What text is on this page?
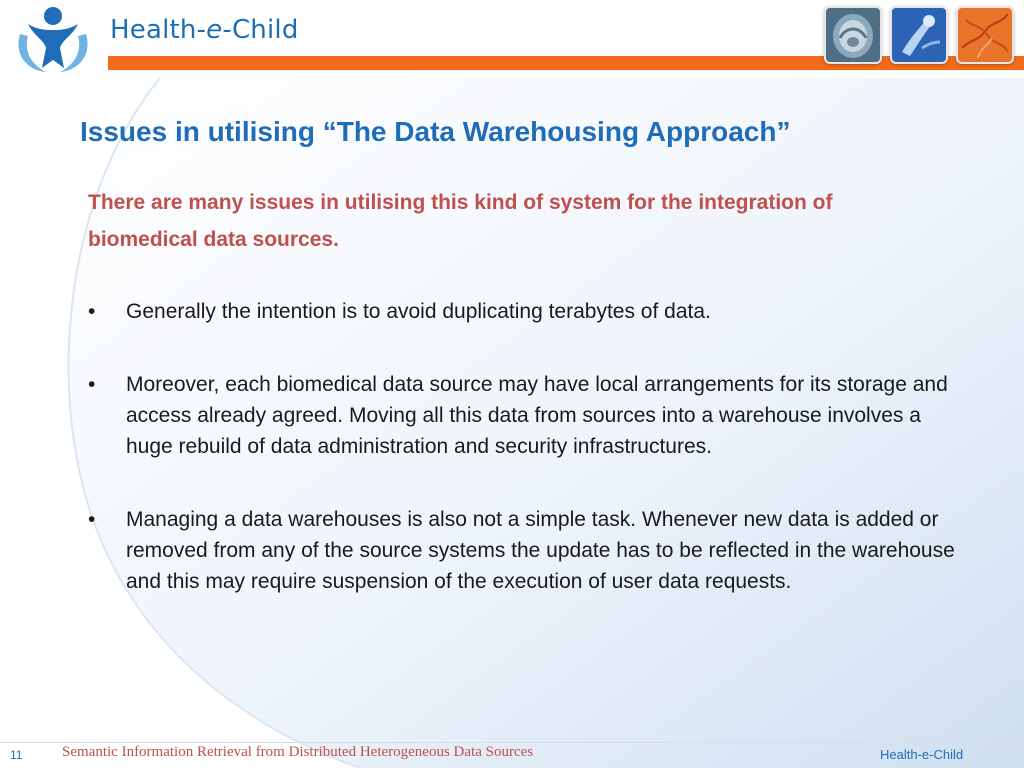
Health-e-Child
Issues in utilising “The Data Warehousing Approach”

There are many issues in utilising this kind of system for the integration of biomedical data sources.

• Generally the intention is to avoid duplicating terabytes of data.
• Moreover, each biomedical data source may have local arrangements for its storage and access already agreed. Moving all this data from sources into a warehouse involves a huge rebuild of data administration and security infrastructures.
• Managing a data warehouses is also not a simple task. Whenever new data is added or removed from any of the source systems the update has to be reflected in the warehouse and this may require suspension of the execution of user data requests.
11	Semantic Information Retrieval from Distributed Heterogeneous Data Sources	Health-e-Child
